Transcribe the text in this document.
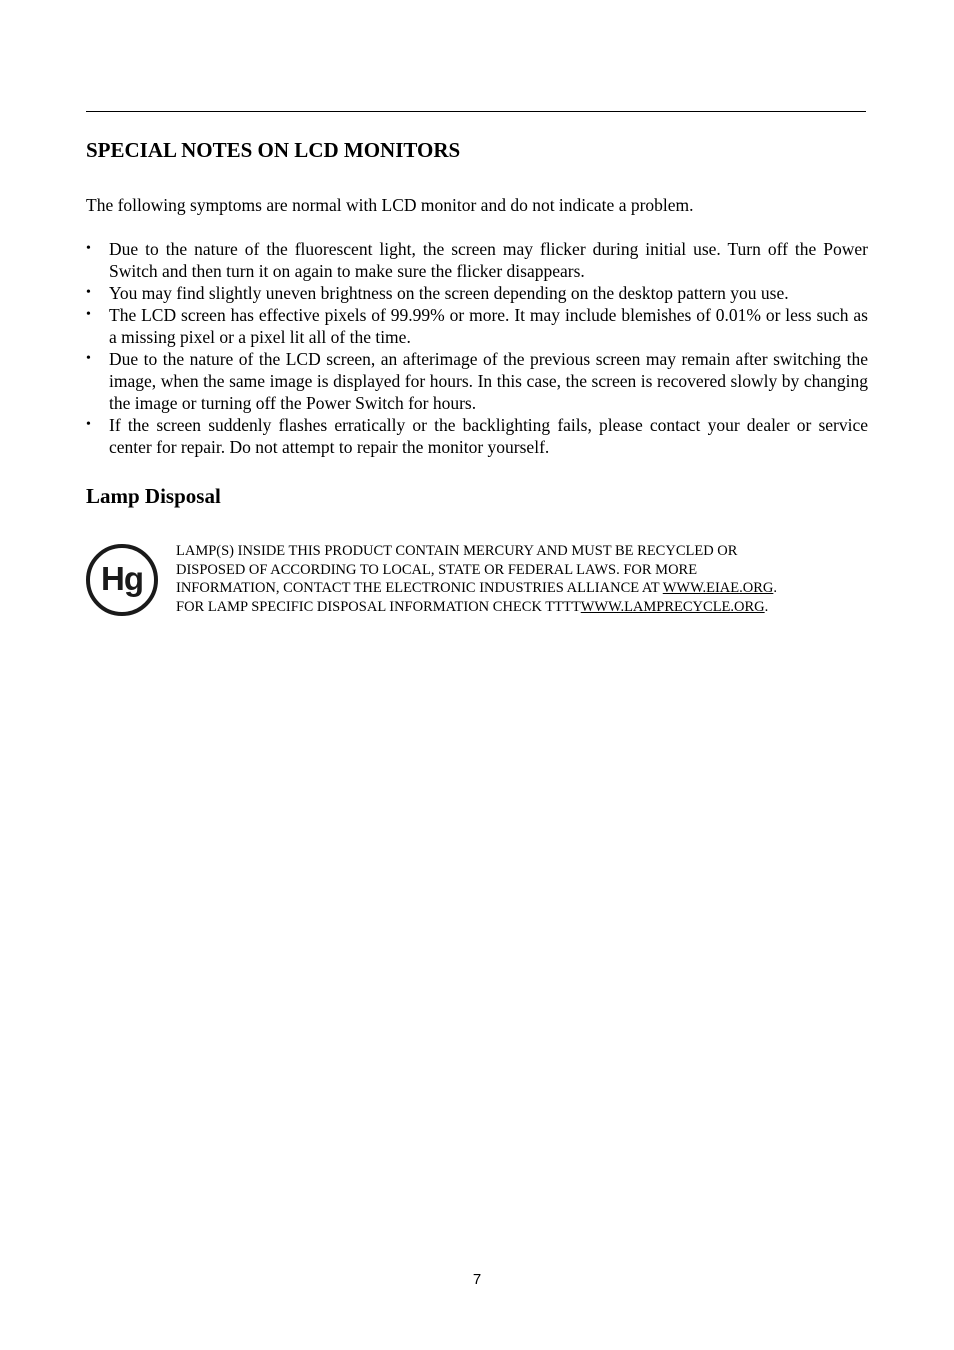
SPECIAL NOTES ON LCD MONITORS

The following symptoms are normal with LCD monitor and do not indicate a problem.

• Due to the nature of the fluorescent light, the screen may flicker during initial use. Turn off the Power Switch and then turn it on again to make sure the flicker disappears.
• You may find slightly uneven brightness on the screen depending on the desktop pattern you use.
• The LCD screen has effective pixels of 99.99% or more. It may include blemishes of 0.01% or less such as a missing pixel or a pixel lit all of the time.
• Due to the nature of the LCD screen, an afterimage of the previous screen may remain after switching the image, when the same image is displayed for hours. In this case, the screen is recovered slowly by changing the image or turning off the Power Switch for hours.
• If the screen suddenly flashes erratically or the backlighting fails, please contact your dealer or service center for repair. Do not attempt to repair the monitor yourself.
Lamp Disposal
Hg

LAMP(S) INSIDE THIS PRODUCT CONTAIN MERCURY AND MUST BE RECYCLED OR
DISPOSED OF ACCORDING TO LOCAL, STATE OR FEDERAL LAWS. FOR MORE
INFORMATION, CONTACT THE ELECTRONIC INDUSTRIES ALLIANCE AT WWW.EIAE.ORG.
FOR LAMP SPECIFIC DISPOSAL INFORMATION CHECK TTTTWWW.LAMPRECYCLE.ORG.

7
